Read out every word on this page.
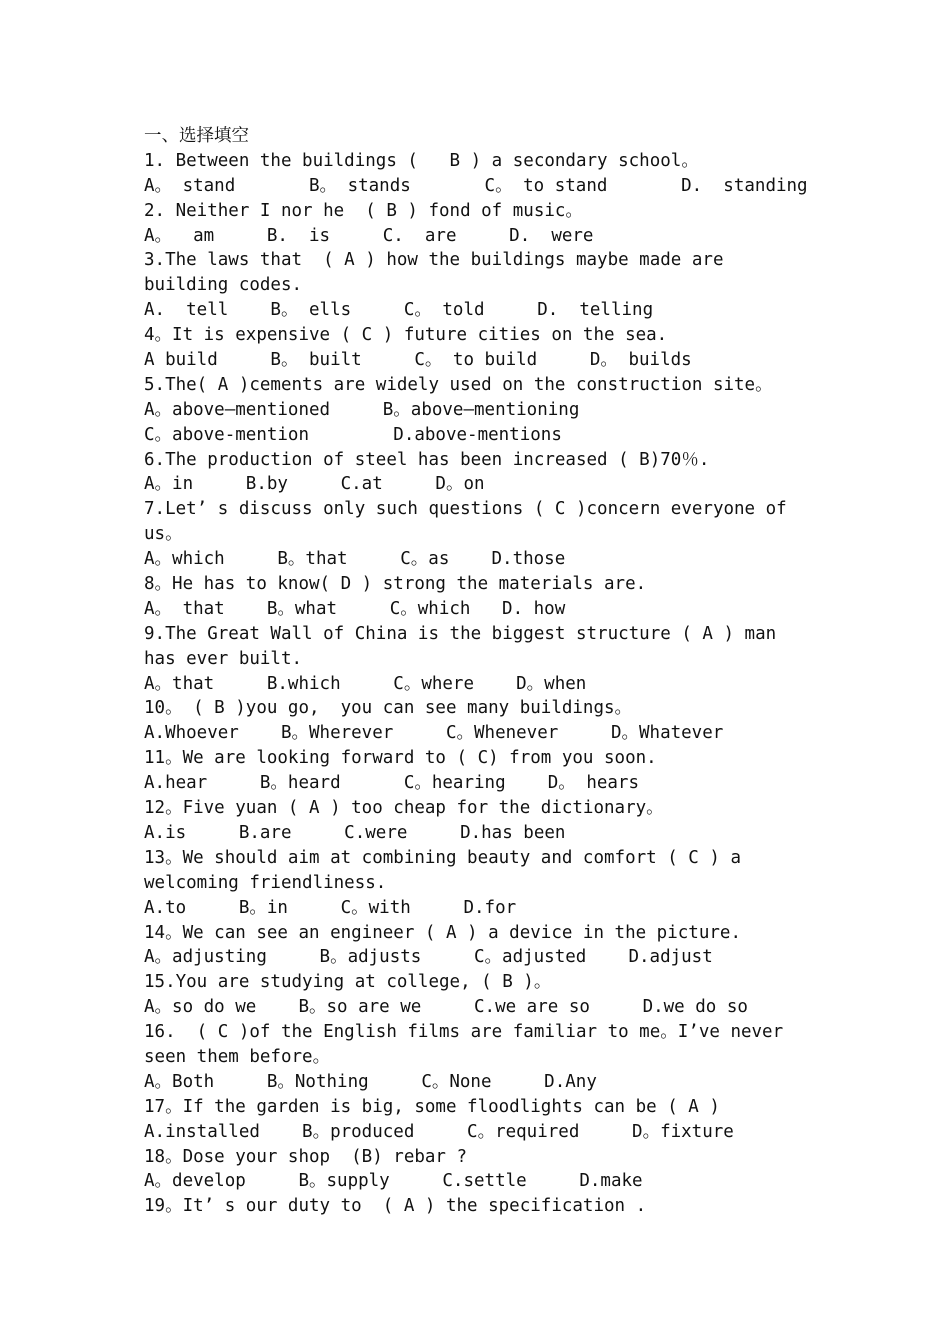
一、选择填空
1. Between the buildings (   B ) a secondary school。
A。 stand       B。 stands       C。 to stand       D.  standing
2. Neither I nor he  ( B ) fond of music。
A。  am     B.  is     C.  are     D.  were
3.The laws that  ( A ) how the buildings maybe made are
building codes.
A.  tell    B。 ells     C。 told     D.  telling
4。It is expensive ( C ) future cities on the sea.
A build     B。 built     C。 to build     D。 builds
5.The( A )cements are widely used on the construction site。
A。above—mentioned     B。above—mentioning
C。above-mention        D.above-mentions
6.The production of steel has been increased ( B)70％.
A。in     B.by     C.at     D。on
7.Let’ s discuss only such questions ( C )concern everyone of
us。
A。which     B。that     C。as    D.those
8。He has to know( D ) strong the materials are.
A。 that    B。what     C。which   D. how
9.The Great Wall of China is the biggest structure ( A ) man
has ever built.
A。that     B.which     C。where    D。when
10。 ( B )you go,  you can see many buildings。
A.Whoever    B。Wherever     C。Whenever     D。Whatever
11。We are looking forward to ( C) from you soon.
A.hear     B。heard      C。hearing    D。 hears
12。Five yuan ( A ) too cheap for the dictionary。
A.is     B.are     C.were     D.has been
13。We should aim at combining beauty and comfort ( C ) a
welcoming friendliness.
A.to     B。in     C。with     D.for
14。We can see an engineer ( A ) a device in the picture.
A。adjusting     B。adjusts     C。adjusted    D.adjust
15.You are studying at college, ( B )。
A。so do we    B。so are we     C.we are so     D.we do so
16.  ( C )of the English films are familiar to me。I’ve never
seen them before。
A。Both     B。Nothing     C。None     D.Any
17。If the garden is big, some floodlights can be ( A )
A.installed    B。produced     C。required     D。fixture
18。Dose your shop  (B) rebar ?
A。develop     B。supply     C.settle     D.make
19。It’ s our duty to  ( A ) the specification .
